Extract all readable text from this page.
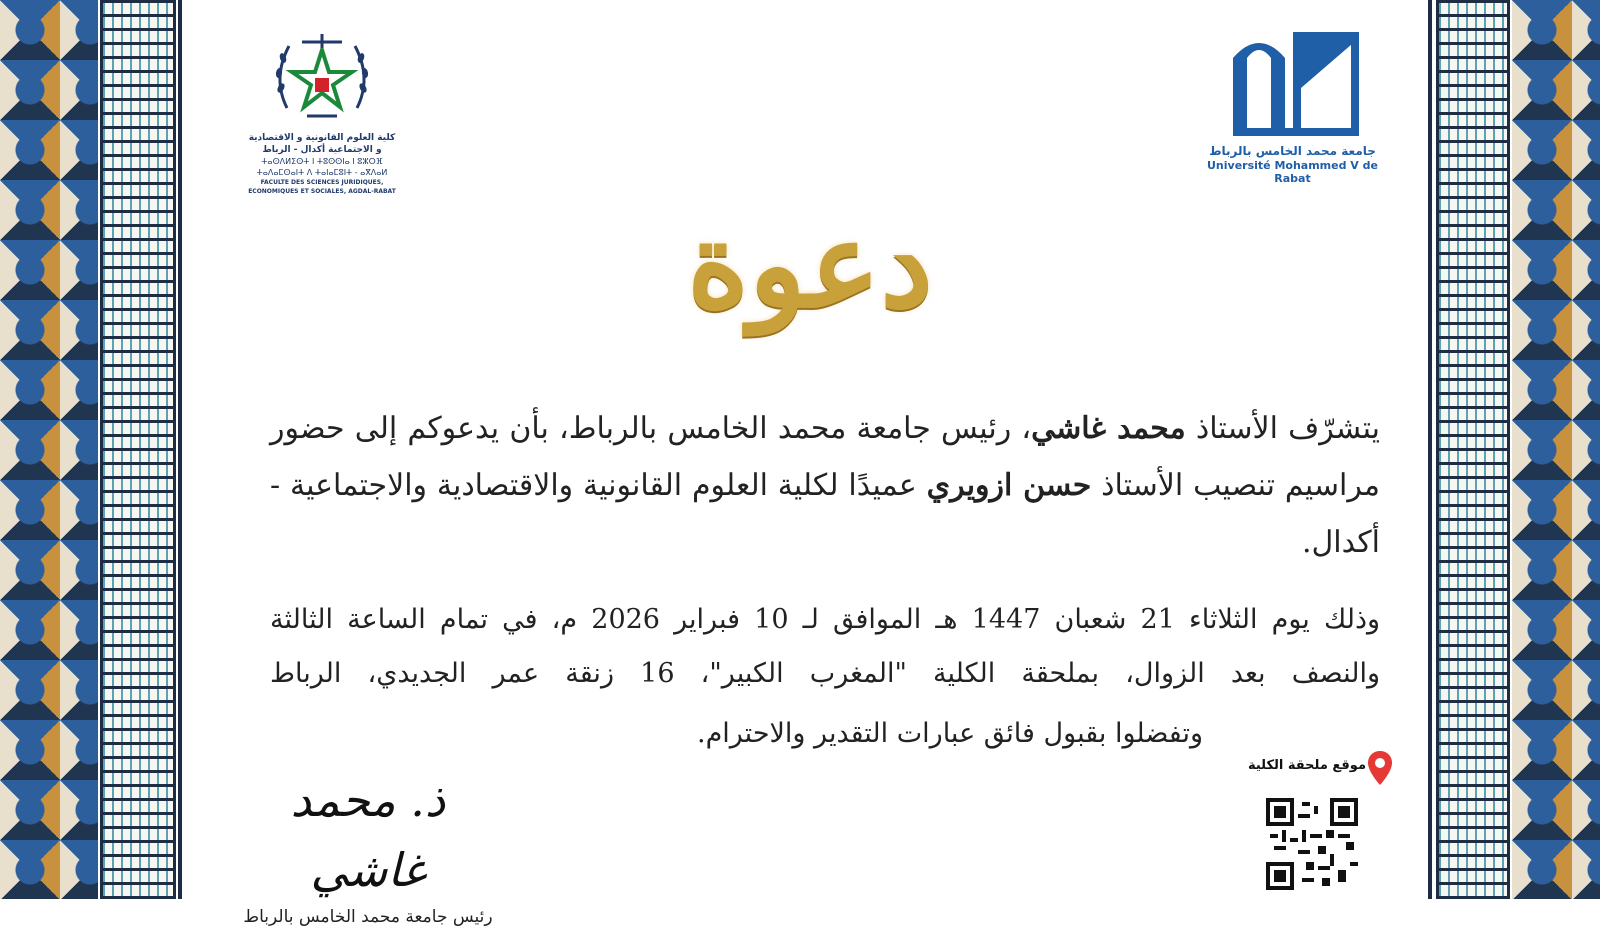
كلية العلوم القانونية و الاقتصادية
و الاجتماعية أكدال - الرباط
ⵜⴰⵙⴷⵍⵉⵙⵜ ⵏ ⵜⵓⵙⵙⵏⴰ ⵏ ⵓⵣⵔⴼ
ⵜⴰⴷⴰⵎⵙⴰⵏⵜ ⴷ ⵜⴰⵏⴰⵎⵓⵏⵜ - ⴰⴳⴷⴰⵍ
FACULTE DES SCIENCES JURIDIQUES,
ECONOMIQUES ET SOCIALES, AGDAL-RABAT
جامعة محمد الخامس بالرباط
Université Mohammed V de Rabat
دعوة
يتشرّف الأستاذ محمد غاشي، رئيس جامعة محمد الخامس بالرباط، بأن يدعوكم إلى حضور مراسيم تنصيب الأستاذ حسن ازويري عميدًا لكلية العلوم القانونية والاقتصادية والاجتماعية - أكدال.
وذلك يوم الثلاثاء 21 شعبان 1447 هـ الموافق لـ 10 فبراير 2026 م، في تمام الساعة الثالثة والنصف بعد الزوال، بملحقة الكلية "المغرب الكبير"، 16 زنقة عمر الجديدي، الرباط
وتفضلوا بقبول فائق عبارات التقدير والاحترام.
ذ. محمد غاشي
رئيس جامعة محمد الخامس بالرباط
موقع ملحقة الكلية
